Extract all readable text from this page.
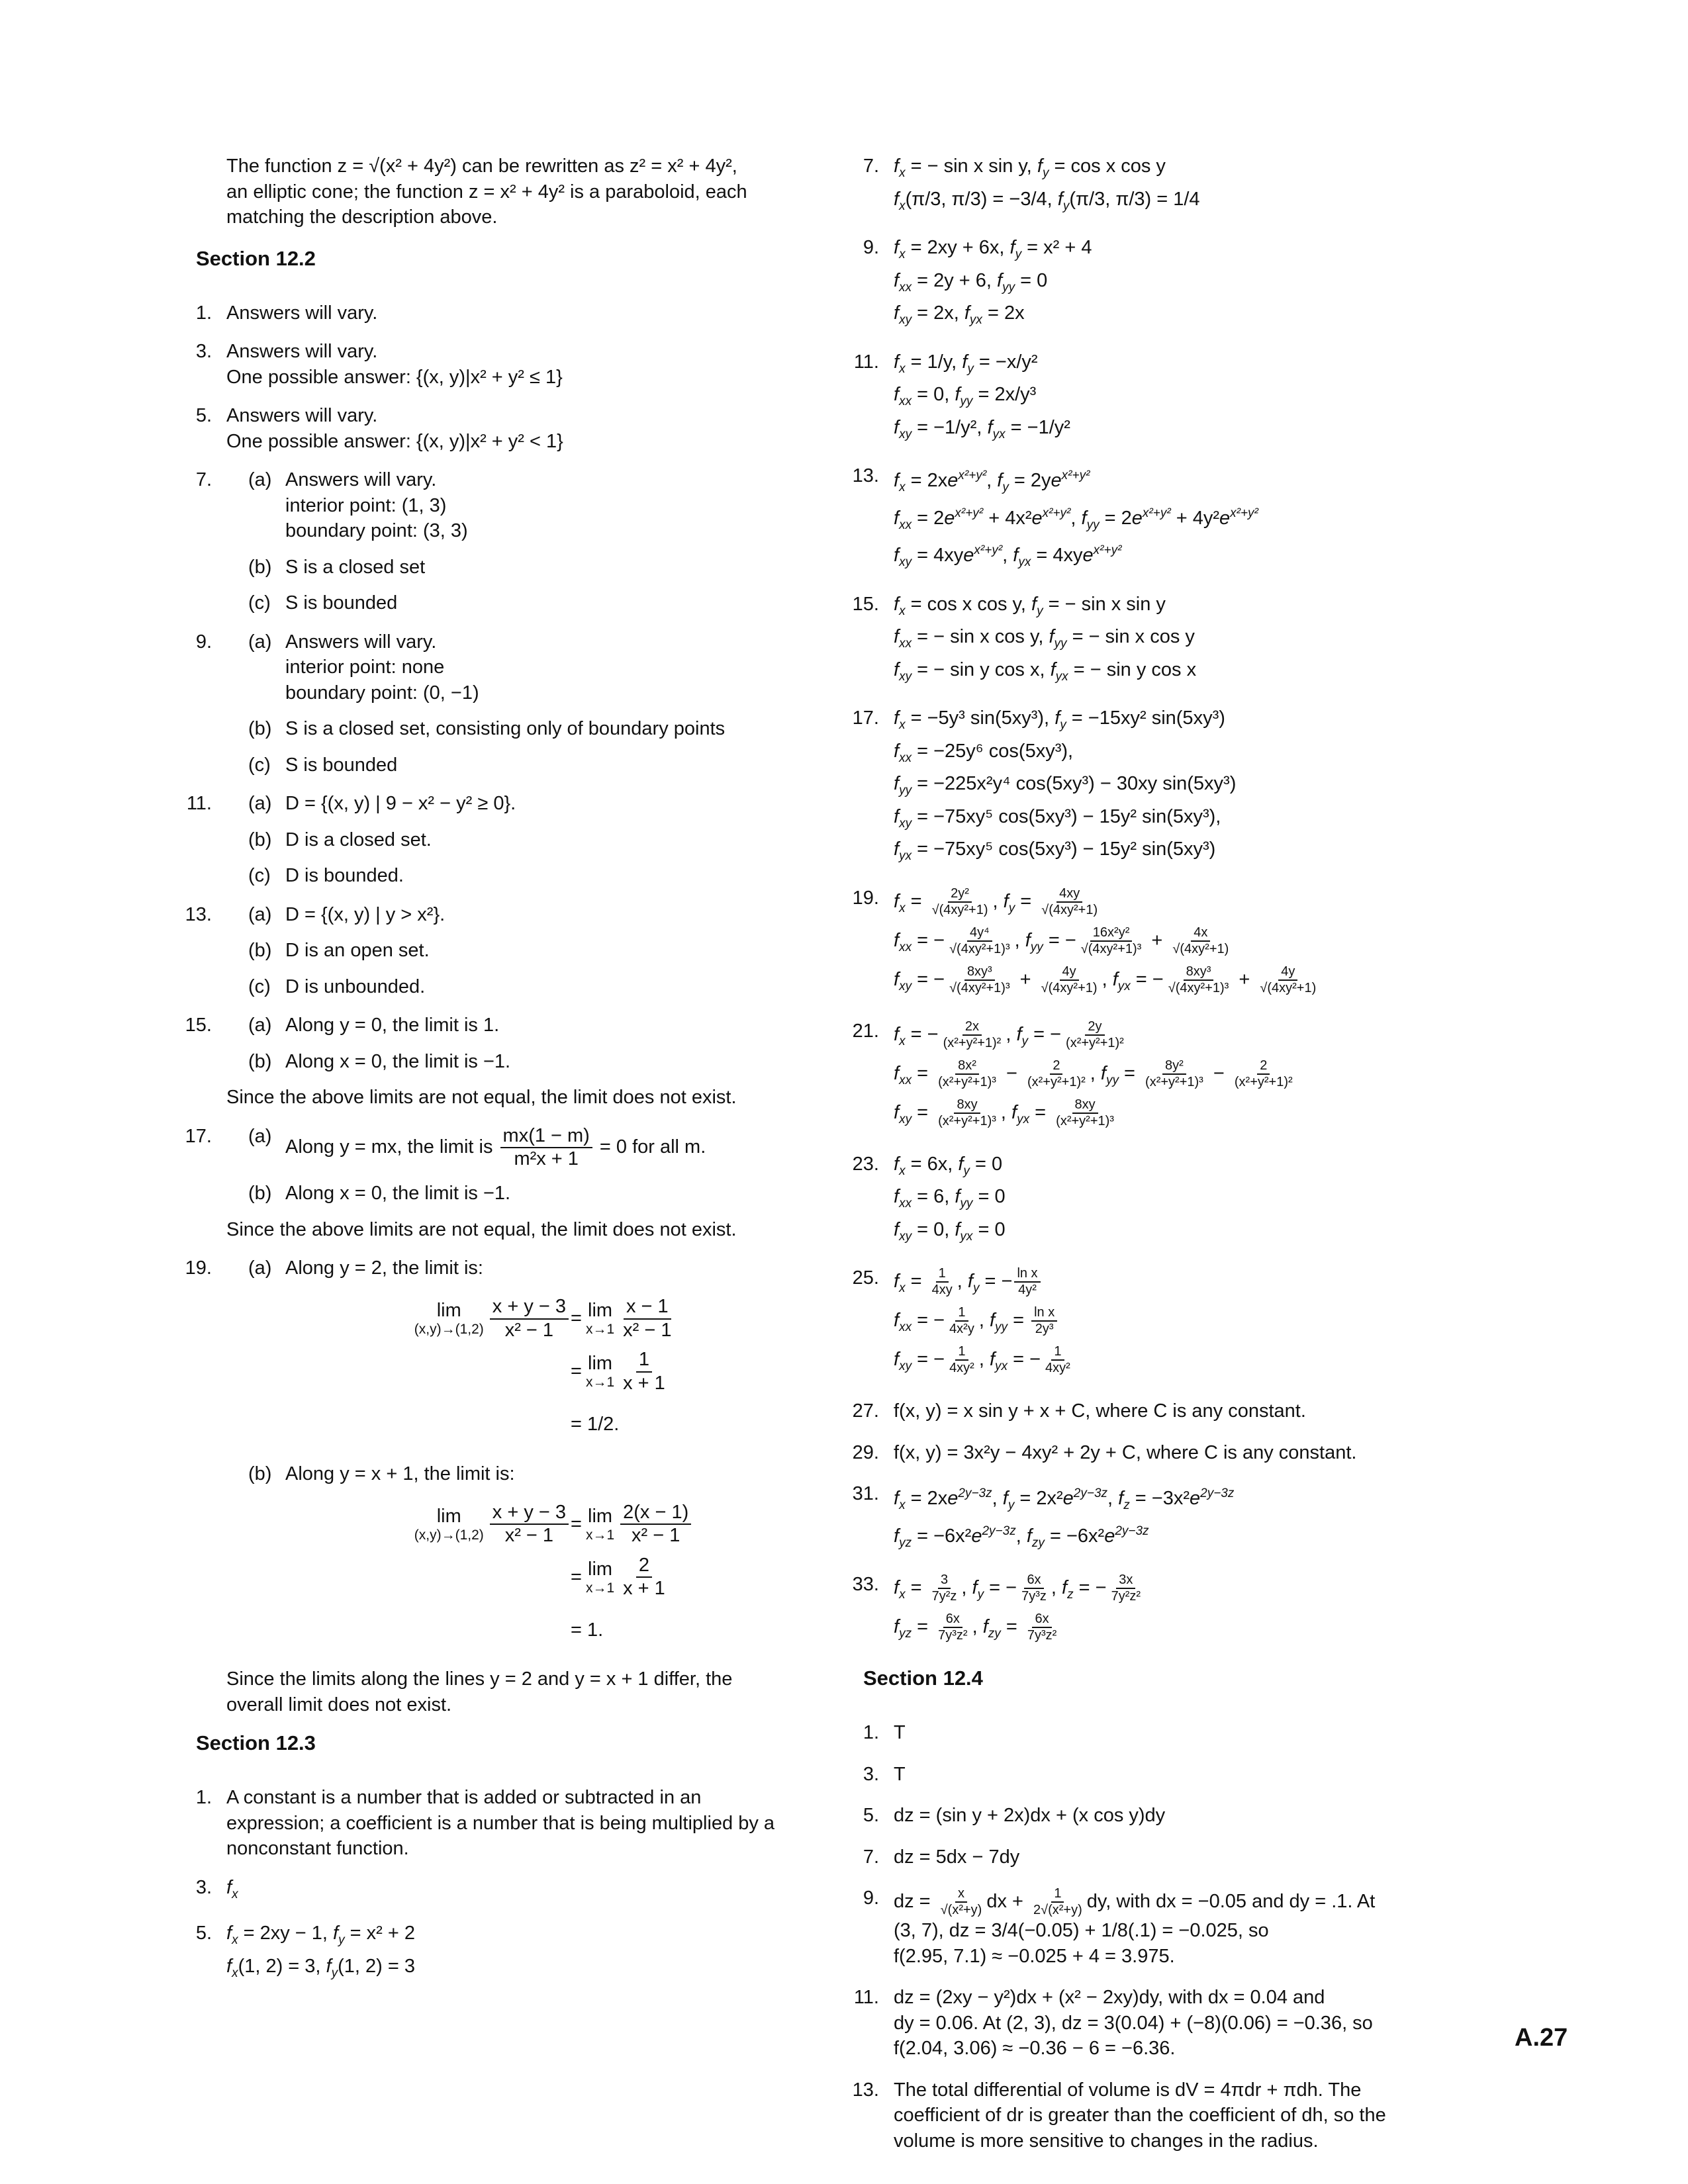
The function z = √(x² + 4y²) can be rewritten as z² = x² + 4y²,
an elliptic cone; the function z = x² + 4y² is a paraboloid, each
matching the description above.
Section 12.2
1. Answers will vary.
3. Answers will vary.
One possible answer: {(x, y)|x² + y² ≤ 1}
5. Answers will vary.
One possible answer: {(x, y)|x² + y² < 1}
7. (a) Answers will vary.
interior point: (1, 3)
boundary point: (3, 3)
(b) S is a closed set
(c) S is bounded
9. (a) Answers will vary.
interior point: none
boundary point: (0, −1)
(b) S is a closed set, consisting only of boundary points
(c) S is bounded
11. (a) D = {(x, y) | 9 − x² − y² ≥ 0}.
(b) D is a closed set.
(c) D is bounded.
13. (a) D = {(x, y) | y > x²}.
(b) D is an open set.
(c) D is unbounded.
15. (a) Along y = 0, the limit is 1.
(b) Along x = 0, the limit is −1.
Since the above limits are not equal, the limit does not exist.
17. (a) Along y = mx, the limit is $\frac{mx(1 - m)}{\text{m²x + 1}} = 0$ for all m.
(b) Along x = 0, the limit is −1.
Since the above limits are not equal, the limit does not exist.
19. (a) Along y = 2, the limit is:
lim
$(x,y)\to(1,2) \frac{x + y - 3}{\text{x² − 1}} = \lim$
$x\to 1 \frac{x - 1}{\text{x² − 1}}$
= lim
$x\to 1 \frac{1}{x + 1}$
= 1/2.
(b) Along y = x + 1, the limit is:
lim
$(x,y)\to(1,2) \frac{x + y - 3}{\text{x² − 1}} = \lim$
$x\to 1 \frac{2(x - 1)}{\text{x² − 1}}$
= lim
$x\to 1 \frac{2}{x + 1}$
= 1.
Since the limits along the lines y = 2 and y = x + 1 differ, the
overall limit does not exist.
Section 12.3
1. A constant is a number that is added or subtracted in an
expression; a coefficient is a number that is being multiplied by a
nonconstant function.
3. $f_x$
5. $f_x = 2xy - 1$, $f_y = x^2 + 2$
$f_x(1$, 2) = 3, $f_y(1$, 2) = 3
7. $f_x$ = − sin x sin y, $f_y = \cos x$ cos y
$f_x(\pi/3$, π/3) = −3/4, $f_y(\pi/3$, π/3) = 1/4
9. $f_x = 2xy + 6x$, $f_y = x^2 + 4$
$f_{xx} = 2y + 6$, $f_{yy} = 0$
$f_{xy} = 2x$, $f_{yx} = 2x$
11. $f_x = 1/y$, $f_y = -x/y^2$
$f_{xx} = 0$, $f_{yy} = 2x/y^3$
$f_{xy} = -1/y^2$, $f_{yx} = -1/y^2$
13. $f_x = 2xe^{x^2+y^2}$, $f_y = 2ye^{x^2+y^2}$
$f_{xx} = 2e^{x^2+y^2} + 4x^2e^{x^2+y^2}$, $f_{yy} = 2e^{x^2+y^2} + 4y^2e^{x^2+y^2}$
$f_{xy} = 4xye^{x^2+y^2}$, $f_{yx} = 4xye^{x^2+y^2}$
15. $f_x = \cos x$ cos y, $f_y$ = − sin x sin y
$f_{xx}$ = − sin x cos y, $f_{yy}$ = − sin x cos y
$f_{xy}$ = − sin y cos x, $f_{yx}$ = − sin y cos x
17. $f_x = -5y^3$ sin(5xy³), $f_y = -15xy^2$ sin(5xy³)
$f_{xx} = -25y^6$ cos(5xy³),
$f_{yy} = -225x^2y^4$ cos(5xy³) − 30xy sin(5xy³)
$f_{xy} = -75xy^5$ cos(5xy³) − 15y² sin(5xy³),
$f_{yx} = -75xy^5$ cos(5xy³) − 15y² sin(5xy³)
19. $f_x = \frac{\text{2y²}}{\text{√(4xy²+1)}}$ , $f_y = \frac{4xy}{\text{√(4xy²+1)}}$
$f_{xx}$ = − $\frac{\text{4y⁴}}{\text{√(4xy²+1)³}}$ , $f_{yy}$ = − $\frac{\text{16x²y²}}{\text{√(4xy²+1)³}} + \frac{4x}{\text{√(4xy²+1)}}$
$f_{xy}$ = − $\frac{\text{8xy³}}{\text{√(4xy²+1)³}} + \frac{4y}{\text{√(4xy²+1)}}$ , $f_{yx}$ = − $\frac{\text{8xy³}}{\text{√(4xy²+1)³}} + \frac{4y}{\text{√(4xy²+1)}}$
21. $f_x$ = − $\frac{2x}{\text{(x²+y²+1)²}}$ , $f_y$ = − $\frac{2y}{\text{(x²+y²+1)²}}$
$f_{xx} = \frac{\text{8x²}}{\text{(x²+y²+1)³}} - \frac{2}{\text{(x²+y²+1)²}}$ , $f_{yy} = \frac{\text{8y²}}{\text{(x²+y²+1)³}} - \frac{2}{\text{(x²+y²+1)²}}$
$f_{xy} = \frac{8xy}{\text{(x²+y²+1)³}}$ , $f_{yx} = \frac{8xy}{\text{(x²+y²+1)³}}$
23. $f_x = 6x$, $f_y = 0$
$f_{xx} = 6$, $f_{yy} = 0$
$f_{xy} = 0$, $f_{yx} = 0$
25. $f_x = \frac{1}{4xy}$ , $f_y$ = − $\frac{\text{ln x}}{\text{4y²}}$
$f_{xx}$ = − $\frac{1}{\text{4x²y}}$ , $f_{yy} = \frac{\text{ln x}}{\text{2y³}}$
$f_{xy}$ = − $\frac{1}{\text{4xy²}}$ , $f_{yx}$ = − $\frac{1}{\text{4xy²}}$
27. f(x, y) = x sin y + x + C, where C is any constant.
29. f(x, y) = 3x²y − 4xy² + 2y + C, where C is any constant.
31. $f_x = 2xe^{2y-3z}$, $f_y = 2x^2e^{2y-3z}$, $f_z = -3x^2e^{2y-3z}$
$f_{yz} = -6x^2e^{2y-3z}$, $f_{zy} = -6x^2e^{2y-3z}$
33. $f_x = \frac{3}{\text{7y²z}}$ , $f_y$ = − $\frac{6x}{\text{7y³z}}$ , $f_z$ = − $\frac{3x}{\text{7y²z²}}$
$f_{yz} = \frac{6x}{\text{7y³z²}}$ , $f_{zy} = \frac{6x}{\text{7y³z²}}$
Section 12.4
1. T
3. T
5. dz = (sin y + 2x)dx + (x cos y)dy
7. dz = 5dx − 7dy
9. dz = $\frac{x}{\text{√(x²+y)}}$ dx + $\frac{1}{\text{2√(x²+y)}}$ dy, with dx = −0.05 and dy = .1. At
(3, 7), dz = 3/4(−0.05) + 1/8(.1) = −0.025, so
f(2.95, 7.1) ≈ −0.025 + 4 = 3.975.
11. dz = (2xy − y²)dx + (x² − 2xy)dy, with dx = 0.04 and
dy = 0.06. At (2, 3), dz = 3(0.04) + (−8)(0.06) = −0.36, so
f(2.04, 3.06) ≈ −0.36 − 6 = −6.36.
13. The total differential of volume is dV = 4πdr + πdh. The
coefficient of dr is greater than the coefficient of dh, so the
volume is more sensitive to changes in the radius.
A.27
